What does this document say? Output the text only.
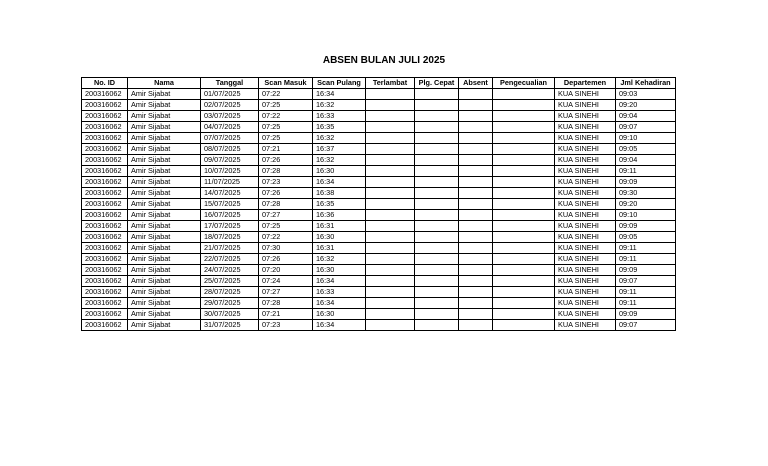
ABSEN BULAN JULI 2025
No. ID	Nama	Tanggal	Scan Masuk	Scan Pulang	Terlambat	Plg. Cepat	Absent	Pengecualian	Departemen	Jml Kehadiran
200316062	Amir Sijabat	01/07/2025	07:22	16:34					KUA SINEHI	09:03
200316062	Amir Sijabat	02/07/2025	07:25	16:32					KUA SINEHI	09:20
200316062	Amir Sijabat	03/07/2025	07:22	16:33					KUA SINEHI	09:04
200316062	Amir Sijabat	04/07/2025	07:25	16:35					KUA SINEHI	09:07
200316062	Amir Sijabat	07/07/2025	07:25	16:32					KUA SINEHI	09:10
200316062	Amir Sijabat	08/07/2025	07:21	16:37					KUA SINEHI	09:05
200316062	Amir Sijabat	09/07/2025	07:26	16:32					KUA SINEHI	09:04
200316062	Amir Sijabat	10/07/2025	07:28	16:30					KUA SINEHI	09:11
200316062	Amir Sijabat	11/07/2025	07:23	16:34					KUA SINEHI	09:09
200316062	Amir Sijabat	14/07/2025	07:26	16:38					KUA SINEHI	09:30
200316062	Amir Sijabat	15/07/2025	07:28	16:35					KUA SINEHI	09:20
200316062	Amir Sijabat	16/07/2025	07:27	16:36					KUA SINEHI	09:10
200316062	Amir Sijabat	17/07/2025	07:25	16:31					KUA SINEHI	09:09
200316062	Amir Sijabat	18/07/2025	07:22	16:30					KUA SINEHI	09:05
200316062	Amir Sijabat	21/07/2025	07:30	16:31					KUA SINEHI	09:11
200316062	Amir Sijabat	22/07/2025	07:26	16:32					KUA SINEHI	09:11
200316062	Amir Sijabat	24/07/2025	07:20	16:30					KUA SINEHI	09:09
200316062	Amir Sijabat	25/07/2025	07:24	16:34					KUA SINEHI	09:07
200316062	Amir Sijabat	28/07/2025	07:27	16:33					KUA SINEHI	09:11
200316062	Amir Sijabat	29/07/2025	07:28	16:34					KUA SINEHI	09:11
200316062	Amir Sijabat	30/07/2025	07:21	16:30					KUA SINEHI	09:09
200316062	Amir Sijabat	31/07/2025	07:23	16:34					KUA SINEHI	09:07
